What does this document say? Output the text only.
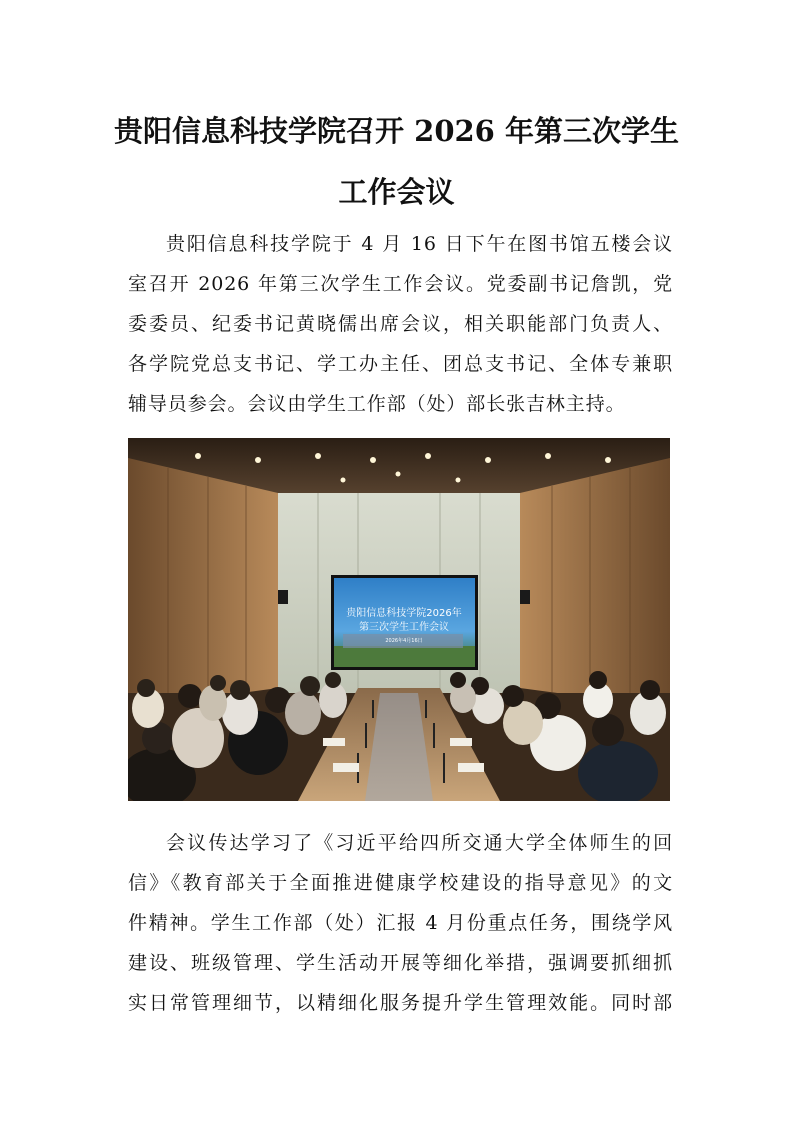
贵阳信息科技学院召开 2026 年第三次学生
工作会议
贵阳信息科技学院于 4 月 16 日下午在图书馆五楼会议
室召开 2026 年第三次学生工作会议。党委副书记詹凯，党
委委员、纪委书记黄晓儒出席会议，相关职能部门负责人、
各学院党总支书记、学工办主任、团总支书记、全体专兼职
辅导员参会。会议由学生工作部（处）部长张吉林主持。
贵阳信息科技学院2026年
第三次学生工作会议
2026年4月16日
会议传达学习了《习近平给四所交通大学全体师生的回
信》《教育部关于全面推进健康学校建设的指导意见》的文
件精神。学生工作部（处）汇报 4 月份重点任务，围绕学风
建设、班级管理、学生活动开展等细化举措，强调要抓细抓
实日常管理细节，以精细化服务提升学生管理效能。同时部
